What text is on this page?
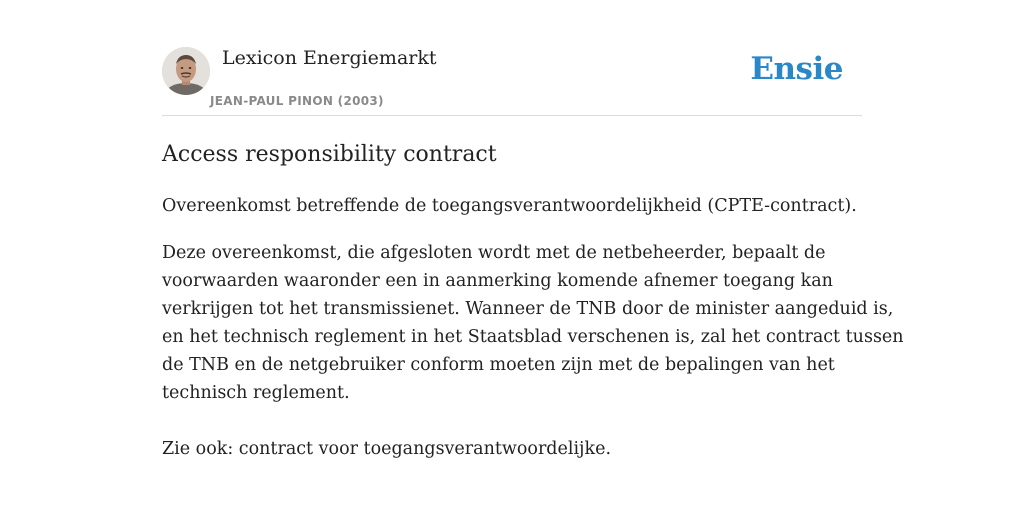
Lexicon Energiemarkt
JEAN-PAUL PINON (2003)
Ensie
Access responsibility contract

Overeenkomst betreffende de toegangsverantwoordelijkheid (CPTE-contract).

Deze overeenkomst, die afgesloten wordt met de netbeheerder, bepaalt de
voorwaarden waaronder een in aanmerking komende afnemer toegang kan
verkrijgen tot het transmissienet. Wanneer de TNB door de minister aangeduid is,
en het technisch reglement in het Staatsblad verschenen is, zal het contract tussen
de TNB en de netgebruiker conform moeten zijn met de bepalingen van het
technisch reglement.

Zie ook: contract voor toegangsverantwoordelijke.
